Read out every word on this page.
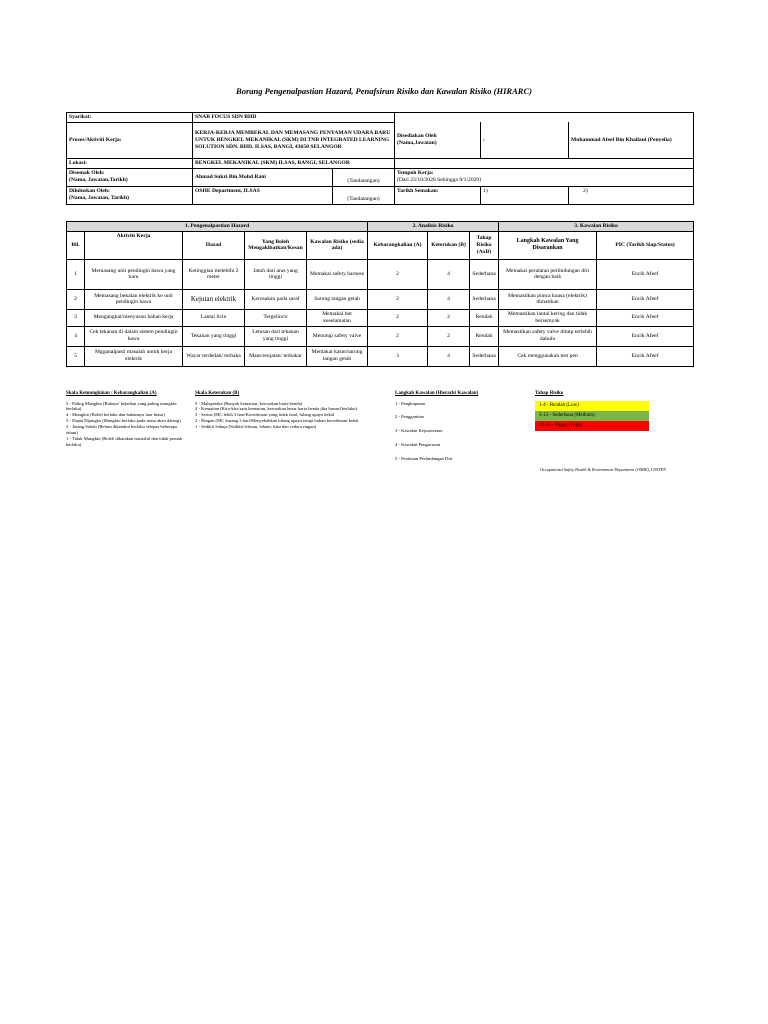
Borang Pengenalpastian Hazard, Penafsiran Risiko dan Kawalan Risiko (HIRARC)
Syarikat:	SNAB FOCUS SDN BHD				
Proses/Aktiviti Kerja:	KERJA-KERJA MEMBEKAL DAN MEMASANG PENYAMAN UDARA BARU UNTUK BENGKEL MEKANIKAL (SKM) DI TNB INTEGRATED LEARNING SOLUTION SDN. BHD. ILSAS, BANGI, 43650 SELANGOR		Disediakan Oleh
(Nama,Jawatan)	:	Muhammad Afeef Bin Khailani (Penyelia)
Lokasi:	BENGKEL MEKANIKAL (SKM) ILSAS, BANGI, SELANGOR				
Disemak Oleh:
(Nama, Jawatan,Tarikh)	Ahmad Sukri Bin Mohd Rani	(Tandatangan)	Tempoh Kerja:
(Dari 23/10/2020 Sehingga 8/1/2020)		
Diluluskan Oleh:
(Nama, Jawatan, Tarikh)	OSHE Department, ILSAS	(Tandatangan)	Tarikh Semakan:	1)	2)
1. Pengenalpastian Hazard					2. Analisis Risiko			3. Kawalan Risiko	
Bil.	Aktiviti Kerja	Hazad	Yang Boleh Mengakibatkan/Kesan	Kawalan Risiko (sedia ada)	Kebarangkalian (A)	Keterukan (B)	Tahap Risiko (AxB)	Langkah Kawalan Yang Disarankan	PIC (Tarikh Siap/Status)
1	Memasang unit pendingin hawa yang baru	Ketinggian melebihi 2 meter	Jatuh dari aras yang tinggi	Memakai safety harness	2	4	Sederhana	Memakai peralatan perlindungan diri dengan baik	Encik Afeef
2	Memasang bekalan elektrik ke unit pendingin hawa	Kejutan elektrik	Kerosakan pada saraf	Sarung tangan getah	2	4	Sederhana	Memastikan punca kuasa (elektrik) dimatikan	Encik Afeef
3	Mengangkat/menyusun bahan kerja	Lantai licin	Tergelincir	Memakai but keselamatan	2	2	Rendah	Memastikan lantai kering dan tidak bersemyak	Encik Afeef
4	Cek tekanan di dalam sistem pendingin hawa	Tekanan yang tinggi	Letusan dari tekanan yang tinggi	Menutup safety valve	2	2	Rendah	Memastikan safety valve ditutp terlebih dahulu	Encik Afeef
5	Mgganalpasti masalah untuk kerja elektrik	Wayar terdedah/ terbaka	Maut/renjatan/ terbakar	Memakai kasut/sarung tangan getah	3	4	Sederhana	Cek menggunakan test pen	Encik Afeef
Skala Kemungkinan / Kebarangkalian (A)
5 - Paling Mungkin (Bahaya/ kejadian yang paling mungkin berlaku)
4 - Mungkin (Boleh berlaku dan bukannya luar biasa)
3 - Dapat Dijangka (Mungkin berlaku pada masa akan datang)
2 - Jarang Sekali (Belum diketahui berlaku selepas beberapa tahun)
1 - Tidak Mungkin (Boleh dikatakan mustahil dan tidak pernah berlaku)
Skala Keterukan (B)
5 - Malapetaka (Banyak kematian, kerosakan harta benda)
4 - Kematian (Kira-kira satu kematian, kerosakan besar harta benda jika hazard berlaku)
3 - Serius (MC lebih 3 hari/Kecederaan yang tidak fatal, hilang upaya kekal
2 - Ringan (MC kurang 3 hari/Menyebabkan hilang upaya tetapi bukan kecederaan kekal
1 - Sedikit Sahaja (Sedikit lelasan, lebam, luka dan cedera ringan)
Langkah Kawalan (Hierarki Kawalan)
1 - Penghapusan
2 - Penggantian
3 - Kawalan Kejuruteraan
4 - Kawalan Pengurusan
5 - Peralatan Perlindungan Diri
Tahap Risiko
1-4 - Rendah (Low)
5-12 - Sederhana (Medium)
15-25 - Tinggi (High)
Occupational Safety Health & Environment Department (OSHE), UNITEN
